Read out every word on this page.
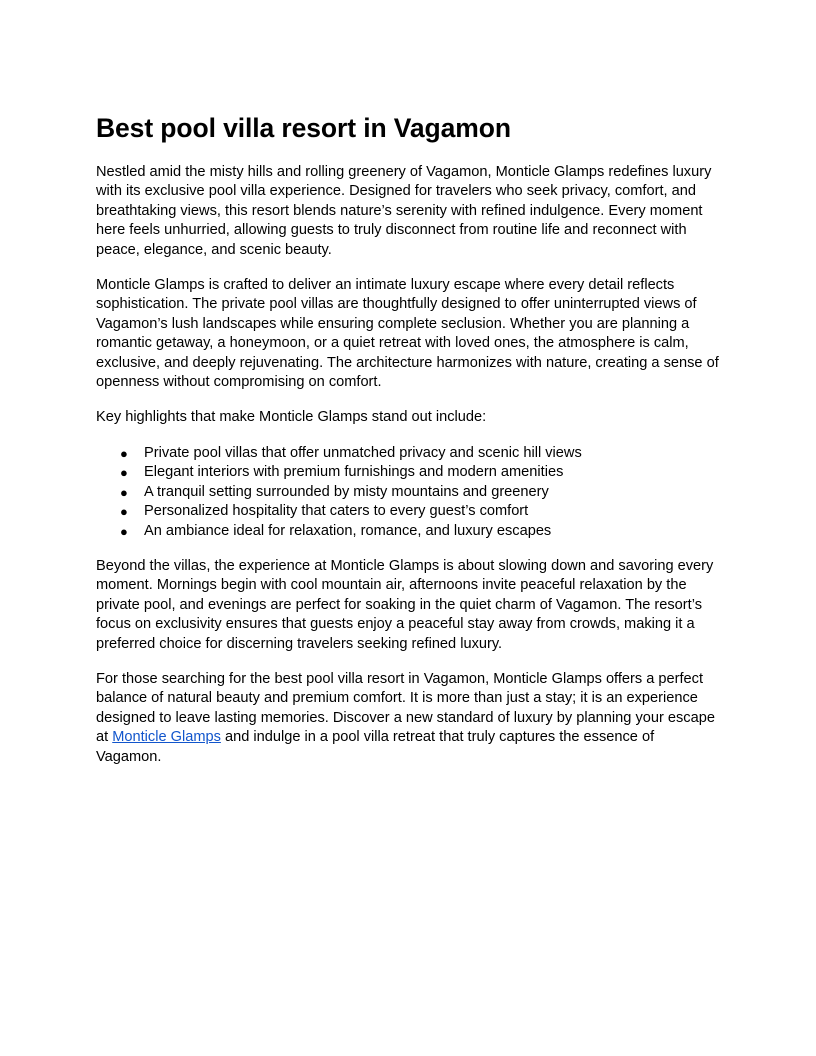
Best pool villa resort in Vagamon

Nestled amid the misty hills and rolling greenery of Vagamon, Monticle Glamps redefines luxury with its exclusive pool villa experience. Designed for travelers who seek privacy, comfort, and breathtaking views, this resort blends nature’s serenity with refined indulgence. Every moment here feels unhurried, allowing guests to truly disconnect from routine life and reconnect with peace, elegance, and scenic beauty.

Monticle Glamps is crafted to deliver an intimate luxury escape where every detail reflects sophistication. The private pool villas are thoughtfully designed to offer uninterrupted views of Vagamon’s lush landscapes while ensuring complete seclusion. Whether you are planning a romantic getaway, a honeymoon, or a quiet retreat with loved ones, the atmosphere is calm, exclusive, and deeply rejuvenating. The architecture harmonizes with nature, creating a sense of openness without compromising on comfort.

Key highlights that make Monticle Glamps stand out include:

● Private pool villas that offer unmatched privacy and scenic hill views
● Elegant interiors with premium furnishings and modern amenities
● A tranquil setting surrounded by misty mountains and greenery
● Personalized hospitality that caters to every guest’s comfort
● An ambiance ideal for relaxation, romance, and luxury escapes

Beyond the villas, the experience at Monticle Glamps is about slowing down and savoring every moment. Mornings begin with cool mountain air, afternoons invite peaceful relaxation by the private pool, and evenings are perfect for soaking in the quiet charm of Vagamon. The resort’s focus on exclusivity ensures that guests enjoy a peaceful stay away from crowds, making it a preferred choice for discerning travelers seeking refined luxury.

For those searching for the best pool villa resort in Vagamon, Monticle Glamps offers a perfect balance of natural beauty and premium comfort. It is more than just a stay; it is an experience designed to leave lasting memories. Discover a new standard of luxury by planning your escape at Monticle Glamps and indulge in a pool villa retreat that truly captures the essence of Vagamon.
